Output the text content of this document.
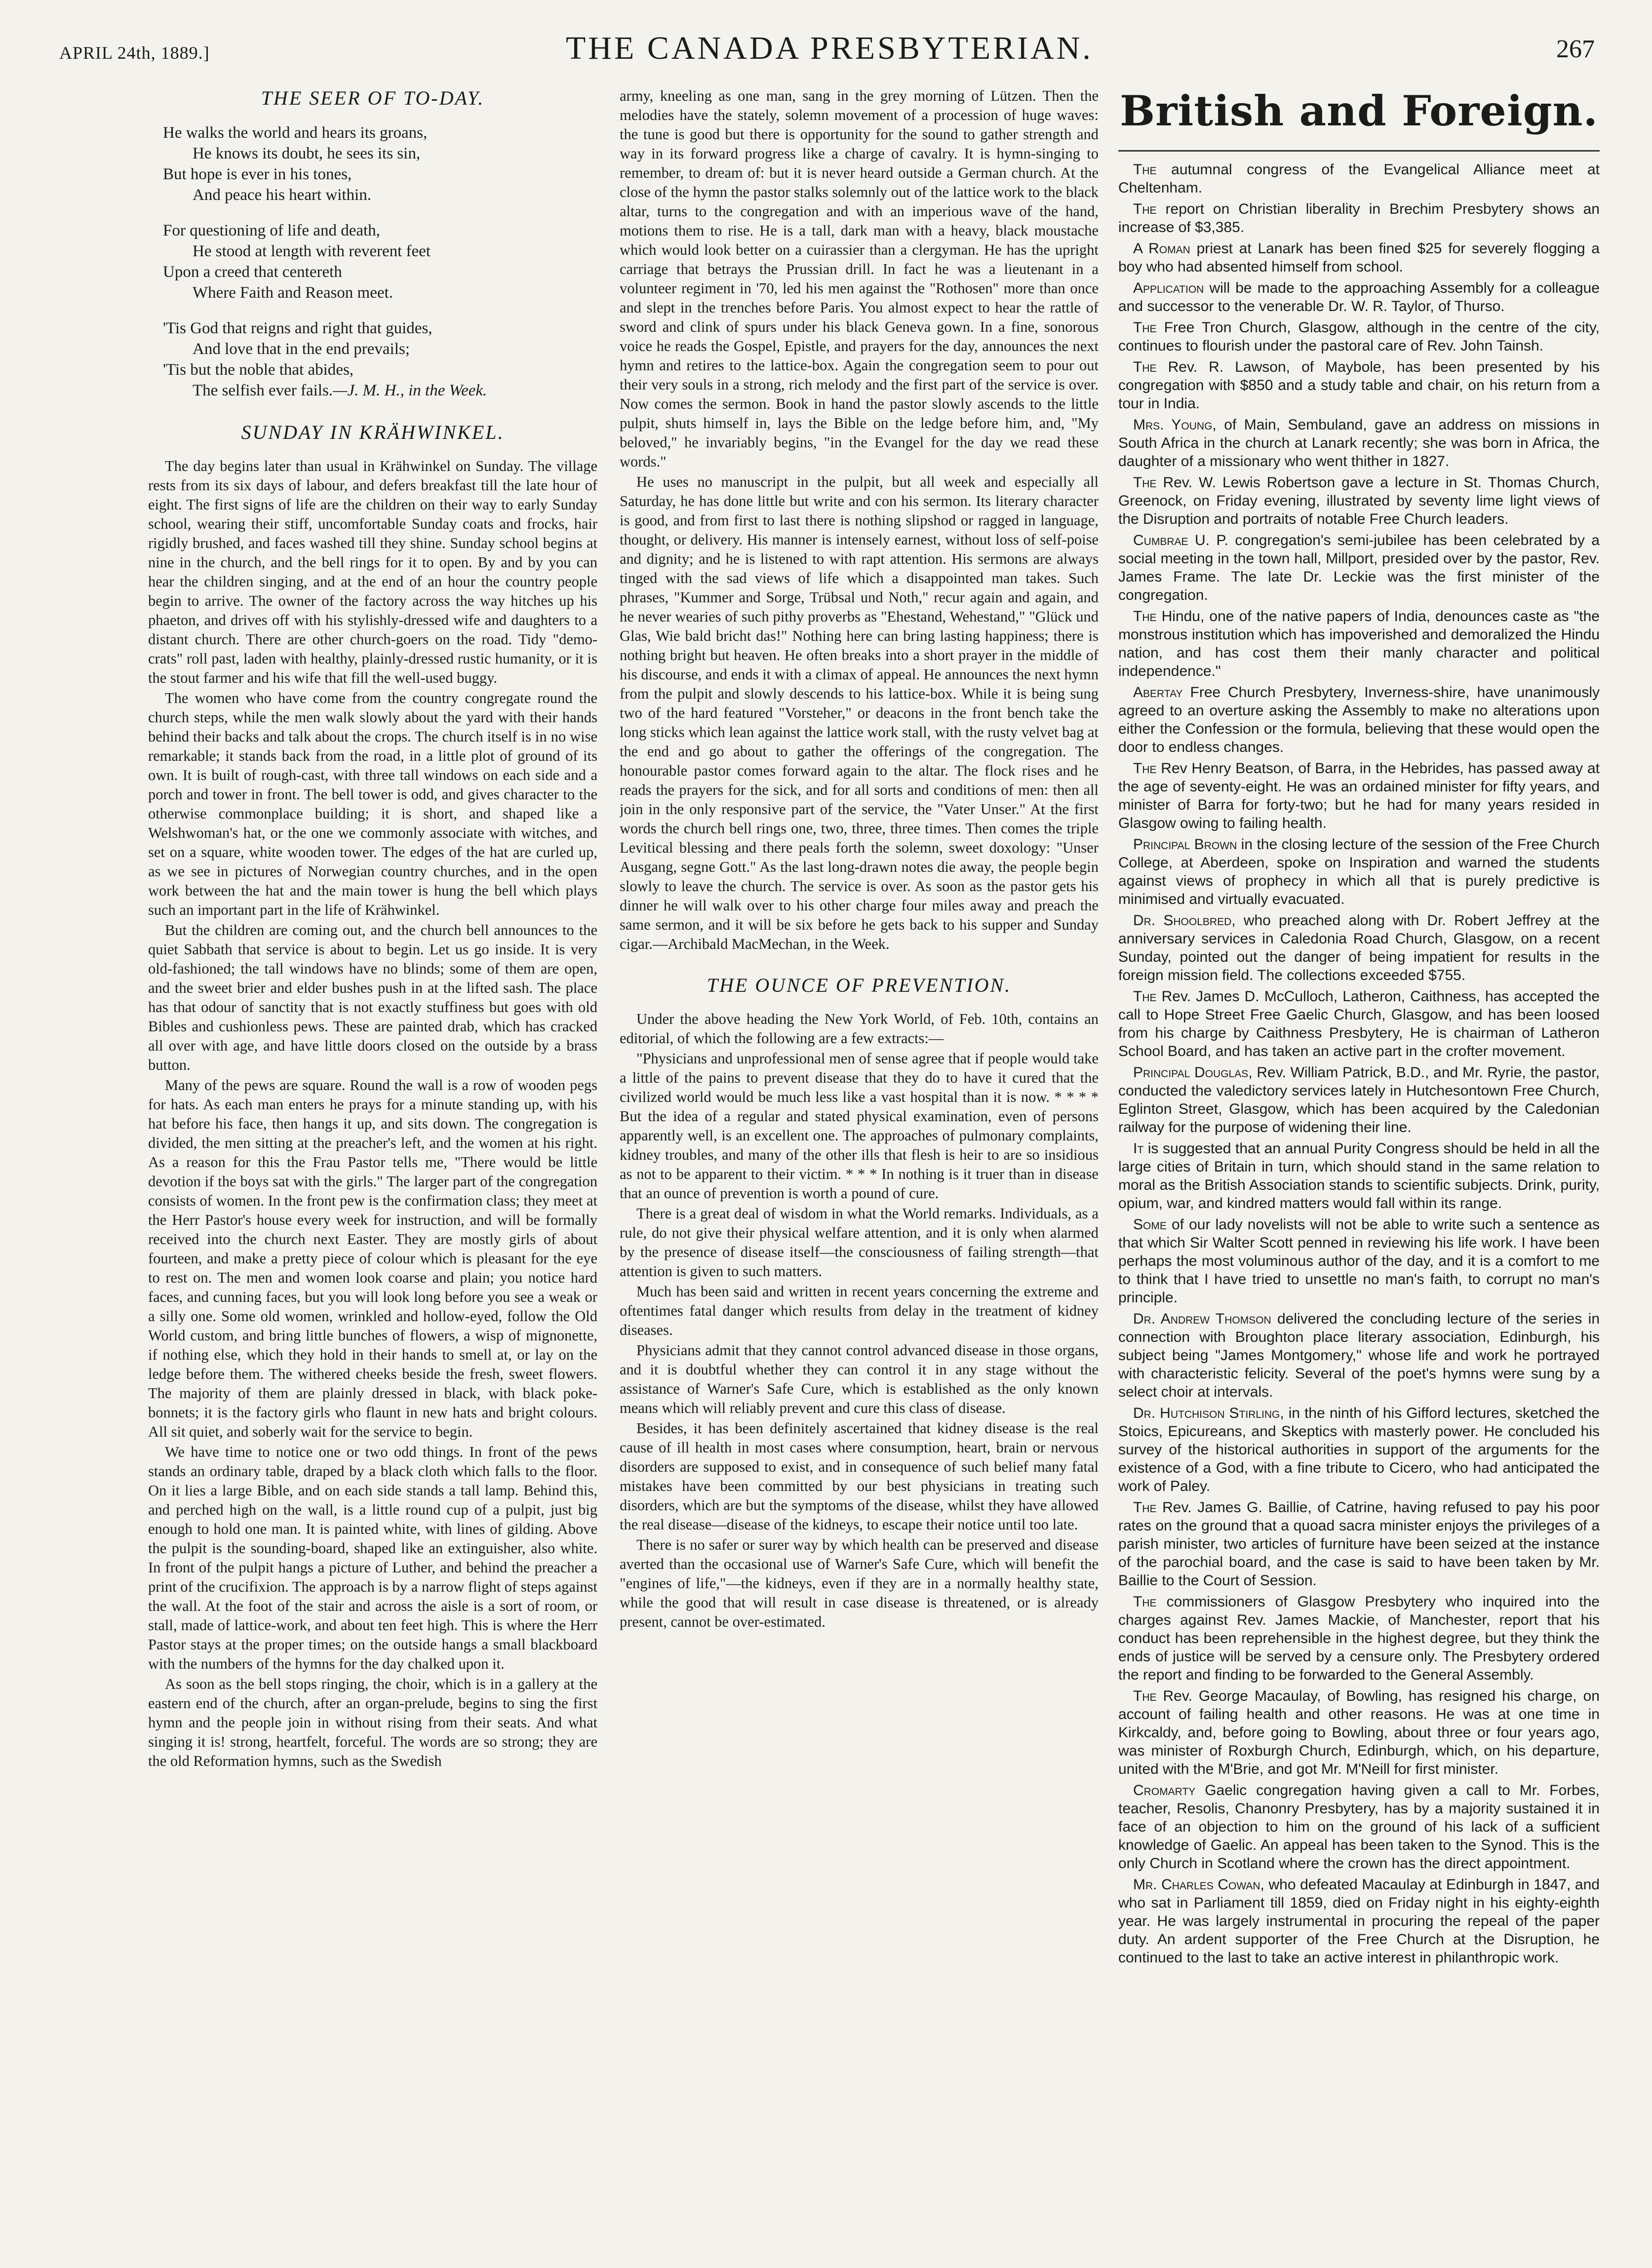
APRIL 24th, 1889.]	THE CANADA PRESBYTERIAN.	267
THE SEER OF TO-DAY.
He walks the world and hears its groans,
He knows its doubt, he sees its sin,
But hope is ever in his tones,
And peace his heart within.
For questioning of life and death,
He stood at length with reverent feet
Upon a creed that centereth
Where Faith and Reason meet.
'Tis God that reigns and right that guides,
And love that in the end prevails;
'Tis but the noble that abides,
The selfish ever fails.—J. M. H., in the Week.
SUNDAY IN KRÄHWINKEL.

The day begins later than usual in Krähwinkel on Sunday. The village rests from its six days of labour, and defers breakfast till the late hour of eight. The first signs of life are the children on their way to early Sunday school, wearing their stiff, uncomfortable Sunday coats and frocks, hair rigidly brushed, and faces washed till they shine. Sunday school begins at nine in the church, and the bell rings for it to open. By and by you can hear the children singing, and at the end of an hour the country people begin to arrive. The owner of the factory across the way hitches up his phaeton, and drives off with his stylishly-dressed wife and daughters to a distant church. There are other church-goers on the road. Tidy "demo-crats" roll past, laden with healthy, plainly-dressed rustic humanity, or it is the stout farmer and his wife that fill the well-used buggy.

The women who have come from the country congregate round the church steps, while the men walk slowly about the yard with their hands behind their backs and talk about the crops. The church itself is in no wise remarkable; it stands back from the road, in a little plot of ground of its own. It is built of rough-cast, with three tall windows on each side and a porch and tower in front. The bell tower is odd, and gives character to the otherwise commonplace building; it is short, and shaped like a Welshwoman's hat, or the one we commonly associate with witches, and set on a square, white wooden tower. The edges of the hat are curled up, as we see in pictures of Norwegian country churches, and in the open work between the hat and the main tower is hung the bell which plays such an important part in the life of Krähwinkel.

But the children are coming out, and the church bell announces to the quiet Sabbath that service is about to begin. Let us go inside. It is very old-fashioned; the tall windows have no blinds; some of them are open, and the sweet brier and elder bushes push in at the lifted sash. The place has that odour of sanctity that is not exactly stuffiness but goes with old Bibles and cushionless pews. These are painted drab, which has cracked all over with age, and have little doors closed on the outside by a brass button.

Many of the pews are square. Round the wall is a row of wooden pegs for hats. As each man enters he prays for a minute standing up, with his hat before his face, then hangs it up, and sits down. The congregation is divided, the men sitting at the preacher's left, and the women at his right. As a reason for this the Frau Pastor tells me, "There would be little devotion if the boys sat with the girls." The larger part of the congregation consists of women. In the front pew is the confirmation class; they meet at the Herr Pastor's house every week for instruction, and will be formally received into the church next Easter. They are mostly girls of about fourteen, and make a pretty piece of colour which is pleasant for the eye to rest on. The men and women look coarse and plain; you notice hard faces, and cunning faces, but you will look long before you see a weak or a silly one. Some old women, wrinkled and hollow-eyed, follow the Old World custom, and bring little bunches of flowers, a wisp of mignonette, if nothing else, which they hold in their hands to smell at, or lay on the ledge before them. The withered cheeks beside the fresh, sweet flowers. The majority of them are plainly dressed in black, with black poke-bonnets; it is the factory girls who flaunt in new hats and bright colours. All sit quiet, and soberly wait for the service to begin.

We have time to notice one or two odd things. In front of the pews stands an ordinary table, draped by a black cloth which falls to the floor. On it lies a large Bible, and on each side stands a tall lamp. Behind this, and perched high on the wall, is a little round cup of a pulpit, just big enough to hold one man. It is painted white, with lines of gilding. Above the pulpit is the sounding-board, shaped like an extinguisher, also white. In front of the pulpit hangs a picture of Luther, and behind the preacher a print of the crucifixion. The approach is by a narrow flight of steps against the wall. At the foot of the stair and across the aisle is a sort of room, or stall, made of lattice-work, and about ten feet high. This is where the Herr Pastor stays at the proper times; on the outside hangs a small blackboard with the numbers of the hymns for the day chalked upon it.

As soon as the bell stops ringing, the choir, which is in a gallery at the eastern end of the church, after an organ-prelude, begins to sing the first hymn and the people join in without rising from their seats. And what singing it is! strong, heartfelt, forceful. The words are so strong; they are the old Reformation hymns, such as the Swedish

army, kneeling as one man, sang in the grey morning of Lützen. Then the melodies have the stately, solemn movement of a procession of huge waves: the tune is good but there is opportunity for the sound to gather strength and way in its forward progress like a charge of cavalry. It is hymn-singing to remember, to dream of: but it is never heard outside a German church. At the close of the hymn the pastor stalks solemnly out of the lattice work to the black altar, turns to the congregation and with an imperious wave of the hand, motions them to rise. He is a tall, dark man with a heavy, black moustache which would look better on a cuirassier than a clergyman. He has the upright carriage that betrays the Prussian drill. In fact he was a lieutenant in a volunteer regiment in '70, led his men against the "Rothosen" more than once and slept in the trenches before Paris. You almost expect to hear the rattle of sword and clink of spurs under his black Geneva gown. In a fine, sonorous voice he reads the Gospel, Epistle, and prayers for the day, announces the next hymn and retires to the lattice-box. Again the congregation seem to pour out their very souls in a strong, rich melody and the first part of the service is over. Now comes the sermon. Book in hand the pastor slowly ascends to the little pulpit, shuts himself in, lays the Bible on the ledge before him, and, "My beloved," he invariably begins, "in the Evangel for the day we read these words."

He uses no manuscript in the pulpit, but all week and especially all Saturday, he has done little but write and con his sermon. Its literary character is good, and from first to last there is nothing slipshod or ragged in language, thought, or delivery. His manner is intensely earnest, without loss of self-poise and dignity; and he is listened to with rapt attention. His sermons are always tinged with the sad views of life which a disappointed man takes. Such phrases, "Kummer and Sorge, Trübsal und Noth," recur again and again, and he never wearies of such pithy proverbs as "Ehestand, Wehestand," "Glück und Glas, Wie bald bricht das!" Nothing here can bring lasting happiness; there is nothing bright but heaven. He often breaks into a short prayer in the middle of his discourse, and ends it with a climax of appeal. He announces the next hymn from the pulpit and slowly descends to his lattice-box. While it is being sung two of the hard featured "Vorsteher," or deacons in the front bench take the long sticks which lean against the lattice work stall, with the rusty velvet bag at the end and go about to gather the offerings of the congregation. The honourable pastor comes forward again to the altar. The flock rises and he reads the prayers for the sick, and for all sorts and conditions of men: then all join in the only responsive part of the service, the "Vater Unser." At the first words the church bell rings one, two, three, three times. Then comes the triple Levitical blessing and there peals forth the solemn, sweet doxology: "Unser Ausgang, segne Gott." As the last long-drawn notes die away, the people begin slowly to leave the church. The service is over. As soon as the pastor gets his dinner he will walk over to his other charge four miles away and preach the same sermon, and it will be six before he gets back to his supper and Sunday cigar.—Archibald MacMechan, in the Week.

THE OUNCE OF PREVENTION.

Under the above heading the New York World, of Feb. 10th, contains an editorial, of which the following are a few extracts:—

"Physicians and unprofessional men of sense agree that if people would take a little of the pains to prevent disease that they do to have it cured that the civilized world would be much less like a vast hospital than it is now. * * * * But the idea of a regular and stated physical examination, even of persons apparently well, is an excellent one. The approaches of pulmonary complaints, kidney troubles, and many of the other ills that flesh is heir to are so insidious as not to be apparent to their victim. * * * In nothing is it truer than in disease that an ounce of prevention is worth a pound of cure.

There is a great deal of wisdom in what the World remarks. Individuals, as a rule, do not give their physical welfare attention, and it is only when alarmed by the presence of disease itself—the consciousness of failing strength—that attention is given to such matters.

Much has been said and written in recent years concerning the extreme and oftentimes fatal danger which results from delay in the treatment of kidney diseases.

Physicians admit that they cannot control advanced disease in those organs, and it is doubtful whether they can control it in any stage without the assistance of Warner's Safe Cure, which is established as the only known means which will reliably prevent and cure this class of disease.

Besides, it has been definitely ascertained that kidney disease is the real cause of ill health in most cases where consumption, heart, brain or nervous disorders are supposed to exist, and in consequence of such belief many fatal mistakes have been committed by our best physicians in treating such disorders, which are but the symptoms of the disease, whilst they have allowed the real disease—disease of the kidneys, to escape their notice until too late.

There is no safer or surer way by which health can be preserved and disease averted than the occasional use of Warner's Safe Cure, which will benefit the "engines of life,"—the kidneys, even if they are in a normally healthy state, while the good that will result in case disease is threatened, or is already present, cannot be over-estimated.

British and Foreign.

The autumnal congress of the Evangelical Alliance meet at Cheltenham.

The report on Christian liberality in Brechim Presbytery shows an increase of $3,385.

A Roman priest at Lanark has been fined $25 for severely flogging a boy who had absented himself from school.

Application will be made to the approaching Assembly for a colleague and successor to the venerable Dr. W. R. Taylor, of Thurso.

The Free Tron Church, Glasgow, although in the centre of the city, continues to flourish under the pastoral care of Rev. John Tainsh.

The Rev. R. Lawson, of Maybole, has been presented by his congregation with $850 and a study table and chair, on his return from a tour in India.

Mrs. Young, of Main, Sembuland, gave an address on missions in South Africa in the church at Lanark recently; she was born in Africa, the daughter of a missionary who went thither in 1827.

The Rev. W. Lewis Robertson gave a lecture in St. Thomas Church, Greenock, on Friday evening, illustrated by seventy lime light views of the Disruption and portraits of notable Free Church leaders.

Cumbrae U. P. congregation's semi-jubilee has been celebrated by a social meeting in the town hall, Millport, presided over by the pastor, Rev. James Frame. The late Dr. Leckie was the first minister of the congregation.

The Hindu, one of the native papers of India, denounces caste as "the monstrous institution which has impoverished and demoralized the Hindu nation, and has cost them their manly character and political independence."

Abertay Free Church Presbytery, Inverness-shire, have unanimously agreed to an overture asking the Assembly to make no alterations upon either the Confession or the formula, believing that these would open the door to endless changes.

The Rev Henry Beatson, of Barra, in the Hebrides, has passed away at the age of seventy-eight. He was an ordained minister for fifty years, and minister of Barra for forty-two; but he had for many years resided in Glasgow owing to failing health.

Principal Brown in the closing lecture of the session of the Free Church College, at Aberdeen, spoke on Inspiration and warned the students against views of prophecy in which all that is purely predictive is minimised and virtually evacuated.

Dr. Shoolbred, who preached along with Dr. Robert Jeffrey at the anniversary services in Caledonia Road Church, Glasgow, on a recent Sunday, pointed out the danger of being impatient for results in the foreign mission field. The collections exceeded $755.

The Rev. James D. McCulloch, Latheron, Caithness, has accepted the call to Hope Street Free Gaelic Church, Glasgow, and has been loosed from his charge by Caithness Presbytery, He is chairman of Latheron School Board, and has taken an active part in the crofter movement.

Principal Douglas, Rev. William Patrick, B.D., and Mr. Ryrie, the pastor, conducted the valedictory services lately in Hutchesontown Free Church, Eglinton Street, Glasgow, which has been acquired by the Caledonian railway for the purpose of widening their line.

It is suggested that an annual Purity Congress should be held in all the large cities of Britain in turn, which should stand in the same relation to moral as the British Association stands to scientific subjects. Drink, purity, opium, war, and kindred matters would fall within its range.

Some of our lady novelists will not be able to write such a sentence as that which Sir Walter Scott penned in reviewing his life work. I have been perhaps the most voluminous author of the day, and it is a comfort to me to think that I have tried to unsettle no man's faith, to corrupt no man's principle.

Dr. Andrew Thomson delivered the concluding lecture of the series in connection with Broughton place literary association, Edinburgh, his subject being "James Montgomery," whose life and work he portrayed with characteristic felicity. Several of the poet's hymns were sung by a select choir at intervals.

Dr. Hutchison Stirling, in the ninth of his Gifford lectures, sketched the Stoics, Epicureans, and Skeptics with masterly power. He concluded his survey of the historical authorities in support of the arguments for the existence of a God, with a fine tribute to Cicero, who had anticipated the work of Paley.

The Rev. James G. Baillie, of Catrine, having refused to pay his poor rates on the ground that a quoad sacra minister enjoys the privileges of a parish minister, two articles of furniture have been seized at the instance of the parochial board, and the case is said to have been taken by Mr. Baillie to the Court of Session.

The commissioners of Glasgow Presbytery who inquired into the charges against Rev. James Mackie, of Manchester, report that his conduct has been reprehensible in the highest degree, but they think the ends of justice will be served by a censure only. The Presbytery ordered the report and finding to be forwarded to the General Assembly.

The Rev. George Macaulay, of Bowling, has resigned his charge, on account of failing health and other reasons. He was at one time in Kirkcaldy, and, before going to Bowling, about three or four years ago, was minister of Roxburgh Church, Edinburgh, which, on his departure, united with the M'Brie, and got Mr. M'Neill for first minister.

Cromarty Gaelic congregation having given a call to Mr. Forbes, teacher, Resolis, Chanonry Presbytery, has by a majority sustained it in face of an objection to him on the ground of his lack of a sufficient knowledge of Gaelic. An appeal has been taken to the Synod. This is the only Church in Scotland where the crown has the direct appointment.

Mr. Charles Cowan, who defeated Macaulay at Edinburgh in 1847, and who sat in Parliament till 1859, died on Friday night in his eighty-eighth year. He was largely instrumental in procuring the repeal of the paper duty. An ardent supporter of the Free Church at the Disruption, he continued to the last to take an active interest in philanthropic work.
